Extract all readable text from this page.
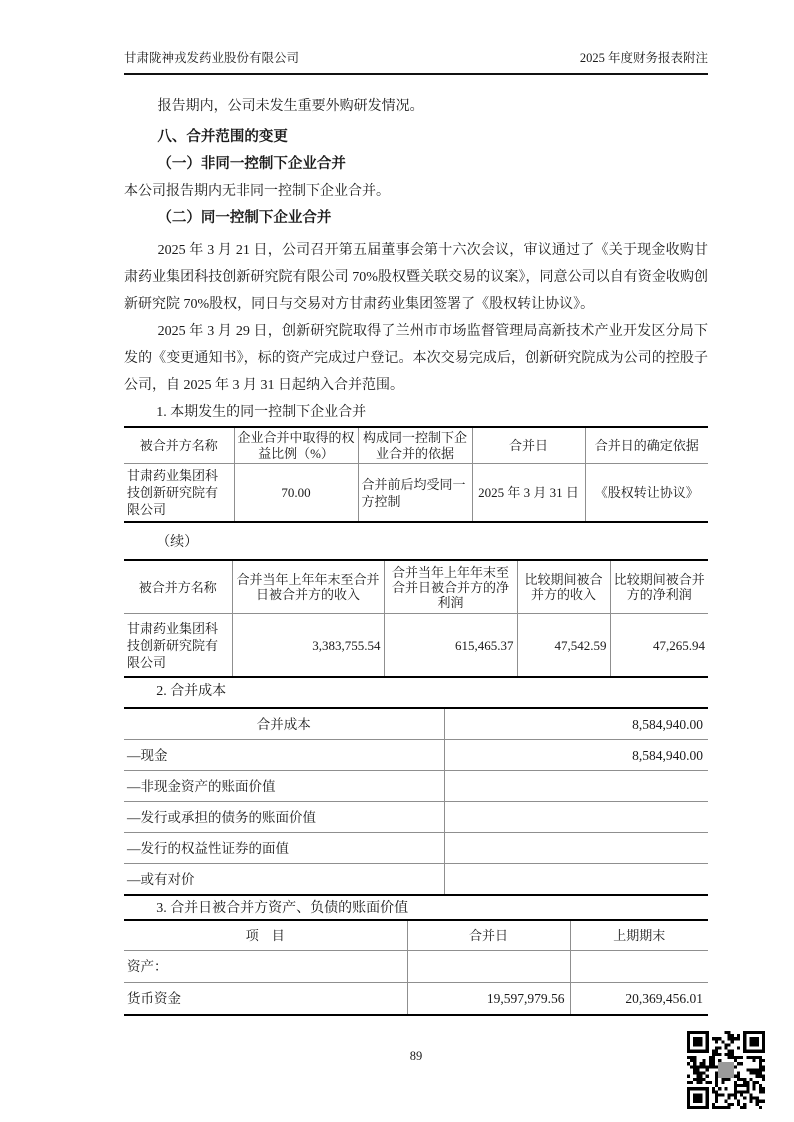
甘肃陇神戎发药业股份有限公司	2025 年度财务报表附注

报告期内，公司未发生重要外购研发情况。

八、合并范围的变更

（一）非同一控制下企业合并

本公司报告期内无非同一控制下企业合并。

（二）同一控制下企业合并

2025 年 3 月 21 日，公司召开第五届董事会第十六次会议，审议通过了《关于现金收购甘肃药业集团科技创新研究院有限公司 70%股权暨关联交易的议案》，同意公司以自有资金收购创新研究院 70%股权，同日与交易对方甘肃药业集团签署了《股权转让协议》。

2025 年 3 月 29 日，创新研究院取得了兰州市市场监督管理局高新技术产业开发区分局下发的《变更通知书》，标的资产完成过户登记。本次交易完成后，创新研究院成为公司的控股子公司，自 2025 年 3 月 31 日起纳入合并范围。

1. 本期发生的同一控制下企业合并

被合并方名称	企业合并中取得的权益比例（%）	构成同一控制下企业合并的依据	合并日	合并日的确定依据
甘肃药业集团科技创新研究院有限公司	70.00	合并前后均受同一方控制	2025 年 3 月 31 日	《股权转让协议》

（续）

被合并方名称	合并当年上年年末至合并日被合并方的收入	合并当年上年年末至合并日被合并方的净利润	比较期间被合并方的收入	比较期间被合并方的净利润
甘肃药业集团科技创新研究院有限公司	3,383,755.54	615,465.37	47,542.59	47,265.94

2. 合并成本

合并成本	8,584,940.00
—现金	8,584,940.00
—非现金资产的账面价值	
—发行或承担的债务的账面价值	
—发行的权益性证券的面值	
—或有对价	

3. 合并日被合并方资产、负债的账面价值

项　目	合并日	上期期末
资产：		
货币资金	19,597,979.56	20,369,456.01
89
